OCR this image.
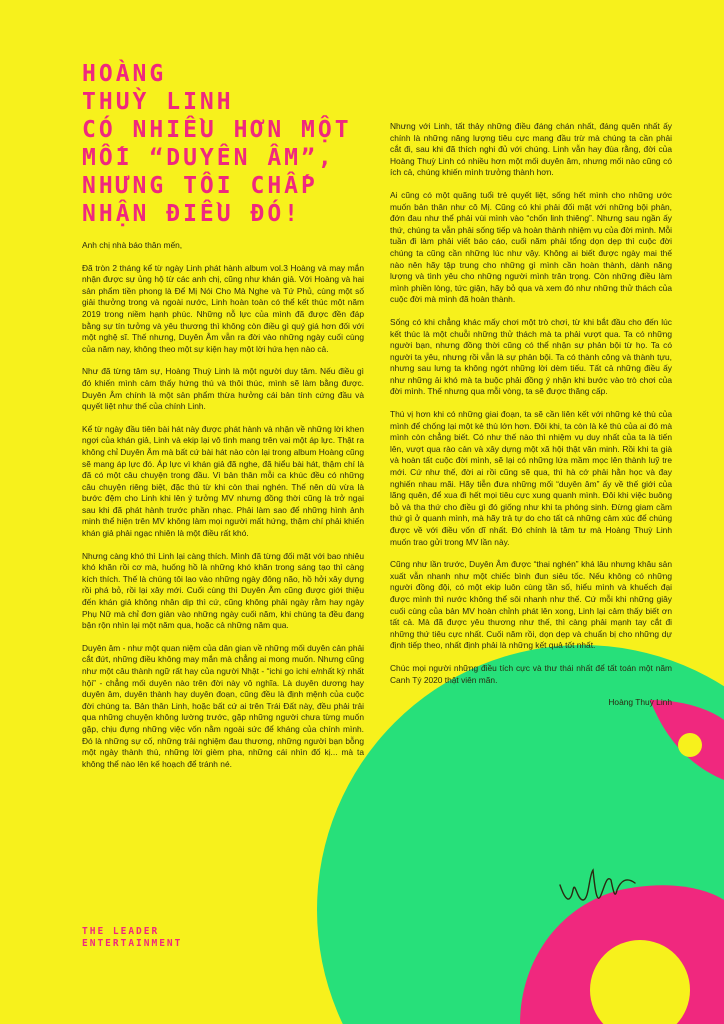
HOÀNG
THUỲ LINH
CÓ NHIỀU HƠN MỘT
MỐI “DUYÊN ÂM”,
NHƯNG TÔI CHẤP
NHẬN ĐIỀU ĐÓ!

Anh chị nhà báo thân mến,

Đã tròn 2 tháng kể từ ngày Linh phát hành album vol.3 Hoàng và may mắn nhận được sự ủng hộ từ các anh chị, cũng như khán giả. Với Hoàng và hai sản phẩm tiền phong là Để Mị Nói Cho Mà Nghe và Tứ Phủ, cùng một số giải thưởng trong và ngoài nước, Linh hoàn toàn có thể kết thúc một năm 2019 trong niềm hạnh phúc. Những nỗ lực của mình đã được đền đáp bằng sự tín tưởng và yêu thương thì không còn điều gì quý giá hơn đối với một nghệ sĩ. Thế nhưng, Duyên Âm vẫn ra đời vào những ngày cuối cùng của năm nay, không theo một sự kiện hay một lời hứa hẹn nào cả.

Như đã từng tâm sự, Hoàng Thuỳ Linh là một người duy tâm. Nếu điều gì đó khiến mình cảm thấy hứng thú và thôi thúc, mình sẽ làm bằng được. Duyên Âm chính là một sản phẩm thừa hưởng cái bản tính cứng đầu và quyết liệt như thế của chính Linh.

Kể từ ngày đầu tiên bài hát này được phát hành và nhận về những lời khen ngợi của khán giả, Linh và ekip lại vô tình mang trên vai một áp lực. Thật ra không chỉ Duyên Âm mà bất cứ bài hát nào còn lại trong album Hoàng cũng sẽ mang áp lực đó. Áp lực vì khán giả đã nghe, đã hiểu bài hát, thậm chí là đã có một câu chuyện trong đầu. Vì bản thân mỗi ca khúc đều có những câu chuyện riêng biệt, đặc thù từ khi còn thai nghén. Thế nên dù vừa là bước đệm cho Linh khi lên ý tưởng MV nhưng đồng thời cũng là trở ngại sau khi đã phát hành trước phần nhạc. Phải làm sao để những hình ảnh minh thể hiện trên MV không làm mọi người mất hứng, thậm chí phải khiến khán giả phải ngạc nhiên là một điều rất khó.

Nhưng càng khó thì Linh lại càng thích. Mình đã từng đối mặt với bao nhiêu khó khăn rồi cơ mà, huống hồ là những khó khăn trong sáng tạo thì càng kích thích. Thế là chúng tôi lao vào những ngày đông não, hồ hởi xây dựng rồi phá bỏ, rồi lại xây mới. Cuối cùng thì Duyên Âm cũng được giới thiệu đến khán giả không nhân dịp thì cứ, cũng không phải ngày rằm hay ngày Phụ Nữ mà chỉ đơn giản vào những ngày cuối năm, khi chúng ta đều đang bận rộn nhìn lại một năm qua, hoặc cả những năm qua.

Duyên âm - như một quan niệm của dân gian về những mối duyên cản phải cắt đứt, những điều không may mắn mà chẳng ai mong muốn. Nhưng cũng như một câu thành ngữ rất hay của người Nhật - “ichi go ichi e/nhất kỳ nhất hội” - chẳng mối duyên nào trên đời này vô nghĩa. Là duyên dương hay duyên âm, duyên thành hay duyên đoạn, cũng đều là định mệnh của cuộc đời chúng ta. Bản thân Linh, hoặc bất cứ ai trên Trái Đất này, đều phải trải qua những chuyện không lường trước, gặp những người chưa từng muốn gặp, chịu đựng những việc vốn nằm ngoài sức để kháng của chính mình. Đó là những sự cố, những trải nghiệm đau thương, những người bạn bỗng một ngày thành thù, những lời gièm pha, những cái nhìn đố kị... mà ta không thể nào lên kế hoạch để tránh né.

Nhưng với Linh, tất thảy những điều đáng chán nhất, đáng quên nhất ấy chính là những năng lượng tiêu cực mang đầu trừ mà chúng ta cần phải cắt đi, sau khi đã thích nghi đủ với chúng. Linh vẫn hay đùa rằng, đời của Hoàng Thuỳ Linh có nhiều hơn một mối duyên âm, nhưng mối nào cũng có ích cả, chúng khiến mình trưởng thành hơn.

Ai cũng có một quãng tuổi trẻ quyết liệt, sống hết mình cho những ước muốn bản thân như cô Mị. Cũng có khi phải đối mặt với những bội phản, đớn đau như thể phải vùi mình vào “chốn linh thiêng”. Nhưng sau ngần ấy thứ, chúng ta vẫn phải sống tiếp và hoàn thành nhiệm vụ của đời mình. Mỗi tuần đi làm phải viết báo cáo, cuối năm phải tổng dọn dẹp thì cuộc đời chúng ta cũng cần những lúc như vậy. Không ai biết được ngày mai thế nào nên hãy tập trung cho những gì mình cần hoàn thành, dành năng lượng và tình yêu cho những người mình trân trọng. Còn những điều làm mình phiền lòng, tức giận, hãy bỏ qua và xem đó như những thử thách của cuộc đời mà mình đã hoàn thành.

Sống có khi chẳng khác mấy chơi một trò chơi, từ khi bắt đầu cho đến lúc kết thúc là một chuỗi những thử thách mà ta phải vượt qua. Ta có những người bạn, nhưng đồng thời cũng có thể nhận sự phản bội từ họ. Ta có người ta yêu, nhưng rồi vẫn là sự phản bội. Ta có thành công và thành tựu, nhưng sau lưng ta không ngớt những lời dèm tiếu. Tất cả những điều ấy như những ải khó mà ta buộc phải đồng ý nhận khi bước vào trò chơi của đời mình. Thế nhưng qua mỗi vòng, ta sẽ được thăng cấp.

Thú vị hơn khi có những giai đoạn, ta sẽ cần liên kết với những kẻ thù của mình để chống lại một kẻ thù lớn hơn. Đôi khi, ta còn là kẻ thù của ai đó mà mình còn chẳng biết. Có như thế nào thì nhiệm vụ duy nhất của ta là tiến lên, vượt qua rào cản và xây dựng một xã hội thật văn minh. Rồi khi ta già và hoàn tất cuộc đời mình, sẽ lại có những lứa mầm mọc lên thành luỹ tre mới. Cứ như thế, đời ai rồi cũng sẽ qua, thì hà cớ phải hằn học và đay nghiến nhau mãi. Hãy tiễn đưa những mối “duyên âm” ấy về thế giới của lãng quên, để xua đi hết mọi tiêu cực xung quanh mình. Đôi khi việc buông bỏ và tha thứ cho điều gì đó giống như khi ta phóng sinh. Đừng giam cầm thứ gì ở quanh mình, mà hãy trả tự do cho tất cả những cảm xúc để chúng được về với điều vốn dĩ nhất. Đó chính là tâm tư mà Hoàng Thuỳ Linh muốn trao gửi trong MV lần này.

Cũng như lần trước, Duyên Âm được “thai nghén” khá lâu nhưng khâu sản xuất vẫn nhanh như một chiếc bình đun siêu tốc. Nếu không có những người đồng đội, có một ekip luôn cùng tần số, hiểu mình và khuếch đại được mình thì nước không thể sôi nhanh như thế. Cứ mỗi khi những giây cuối cùng của bản MV hoàn chỉnh phát lên xong, Linh lại cảm thấy biết ơn tất cả. Mà đã được yêu thương như thế, thì càng phải mạnh tay cắt đi những thứ tiêu cực nhất. Cuối năm rồi, dọn dẹp và chuẩn bị cho những dự định tiếp theo, nhất định phải là những kết quả tốt nhất.

Chúc mọi người những điều tích cực và thư thái nhất để tất toán một năm Canh Tý 2020 thật viên mãn.

Hoàng Thuỳ Linh
THE LEADER
ENTERTAINMENT
